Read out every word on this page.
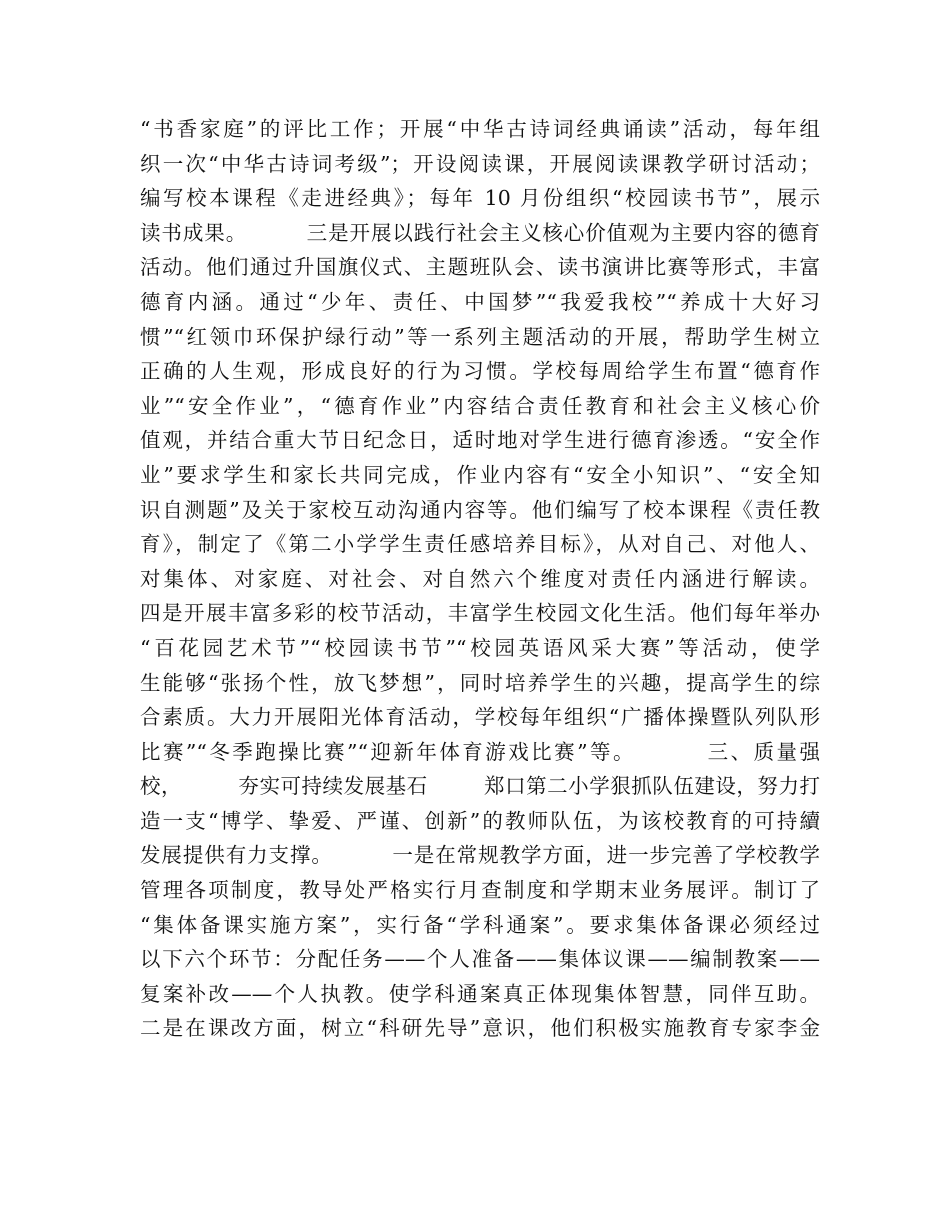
“书香家庭”的评比工作；开展“中华古诗词经典诵读”活动，每年组
织一次“中华古诗词考级”；开设阅读课，开展阅读课教学研讨活动；
编写校本课程《走进经典》；每年 10 月份组织“校园读书节”，展示
读书成果。        三是开展以践行社会主义核心价值观为主要内容的德育
活动。他们通过升国旗仪式、主题班队会、读书演讲比赛等形式，丰富
德育内涵。通过“少年、责任、中国梦”“我爱我校”“养成十大好习
惯”“红领巾环保护绿行动”等一系列主题活动的开展，帮助学生树立
正确的人生观，形成良好的行为习惯。学校每周给学生布置“德育作
业”“安全作业”，“德育作业”内容结合责任教育和社会主义核心价
值观，并结合重大节日纪念日，适时地对学生进行德育渗透。“安全作
业”要求学生和家长共同完成，作业内容有“安全小知识”、“安全知
识自测题”及关于家校互动沟通内容等。他们编写了校本课程《责任教
育》，制定了《第二小学学生责任感培养目标》，从对自己、对他人、
对集体、对家庭、对社会、对自然六个维度对责任内涵进行解读。
四是开展丰富多彩的校节活动，丰富学生校园文化生活。他们每年举办
“百花园艺术节”“校园读书节”“校园英语风采大赛”等活动，使学
生能够“张扬个性，放飞梦想”，同时培养学生的兴趣，提高学生的综
合素质。大力开展阳光体育活动，学校每年组织“广播体操暨队列队形
比赛”“冬季跑操比赛”“迎新年体育游戏比赛”等。        三、质量强
校，        夯实可持续发展基石        郑口第二小学狠抓队伍建设，努力打
造一支“博学、挚爱、严谨、创新”的教师队伍，为该校教育的可持續
发展提供有力支撑。        一是在常规教学方面，进一步完善了学校教学
管理各项制度，教导处严格实行月查制度和学期末业务展评。制订了
“集体备课实施方案”，实行备“学科通案”。要求集体备课必须经过
以下六个环节：分配任务——个人准备——集体议课——编制教案——
复案补改——个人执教。使学科通案真正体现集体智慧，同伴互助。
二是在课改方面，树立“科研先导”意识，他们积极实施教育专家李金
